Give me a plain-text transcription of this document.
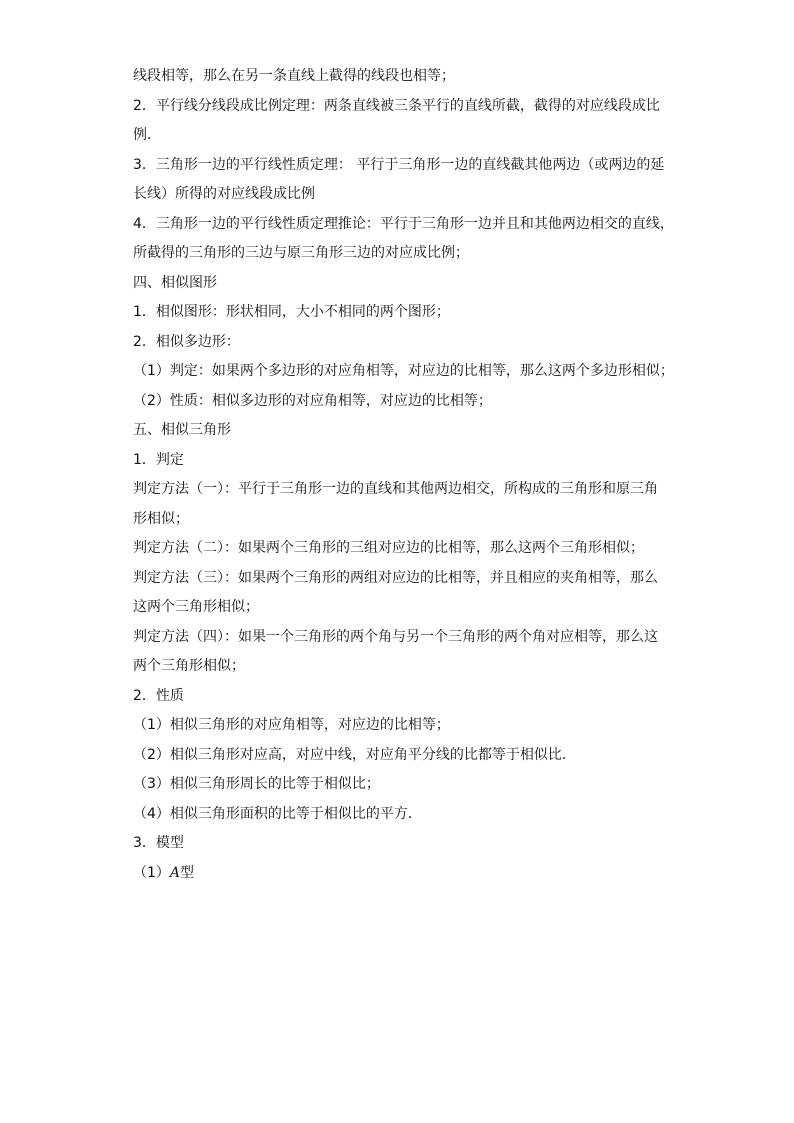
线段相等，那么在另一条直线上截得的线段也相等；
2．平行线分线段成比例定理：两条直线被三条平行的直线所截，截得的对应线段成比
例．
3．三角形一边的平行线性质定理： 平行于三角形一边的直线截其他两边（或两边的延
长线）所得的对应线段成比例
4．三角形一边的平行线性质定理推论：平行于三角形一边并且和其他两边相交的直线，
所截得的三角形的三边与原三角形三边的对应成比例；
四、相似图形
1．相似图形：形状相同，大小不相同的两个图形；
2．相似多边形：
（1）判定：如果两个多边形的对应角相等，对应边的比相等，那么这两个多边形相似；
（2）性质：相似多边形的对应角相等，对应边的比相等；
五、相似三角形
1．判定
判定方法（一）：平行于三角形一边的直线和其他两边相交，所构成的三角形和原三角
形相似；
判定方法（二）：如果两个三角形的三组对应边的比相等，那么这两个三角形相似；
判定方法（三）：如果两个三角形的两组对应边的比相等，并且相应的夹角相等，那么
这两个三角形相似；
判定方法（四）：如果一个三角形的两个角与另一个三角形的两个角对应相等，那么这
两个三角形相似；
2．性质
（1）相似三角形的对应角相等，对应边的比相等；
（2）相似三角形对应高，对应中线，对应角平分线的比都等于相似比．
（3）相似三角形周长的比等于相似比；
（4）相似三角形面积的比等于相似比的平方．
3．模型
（1）A型
